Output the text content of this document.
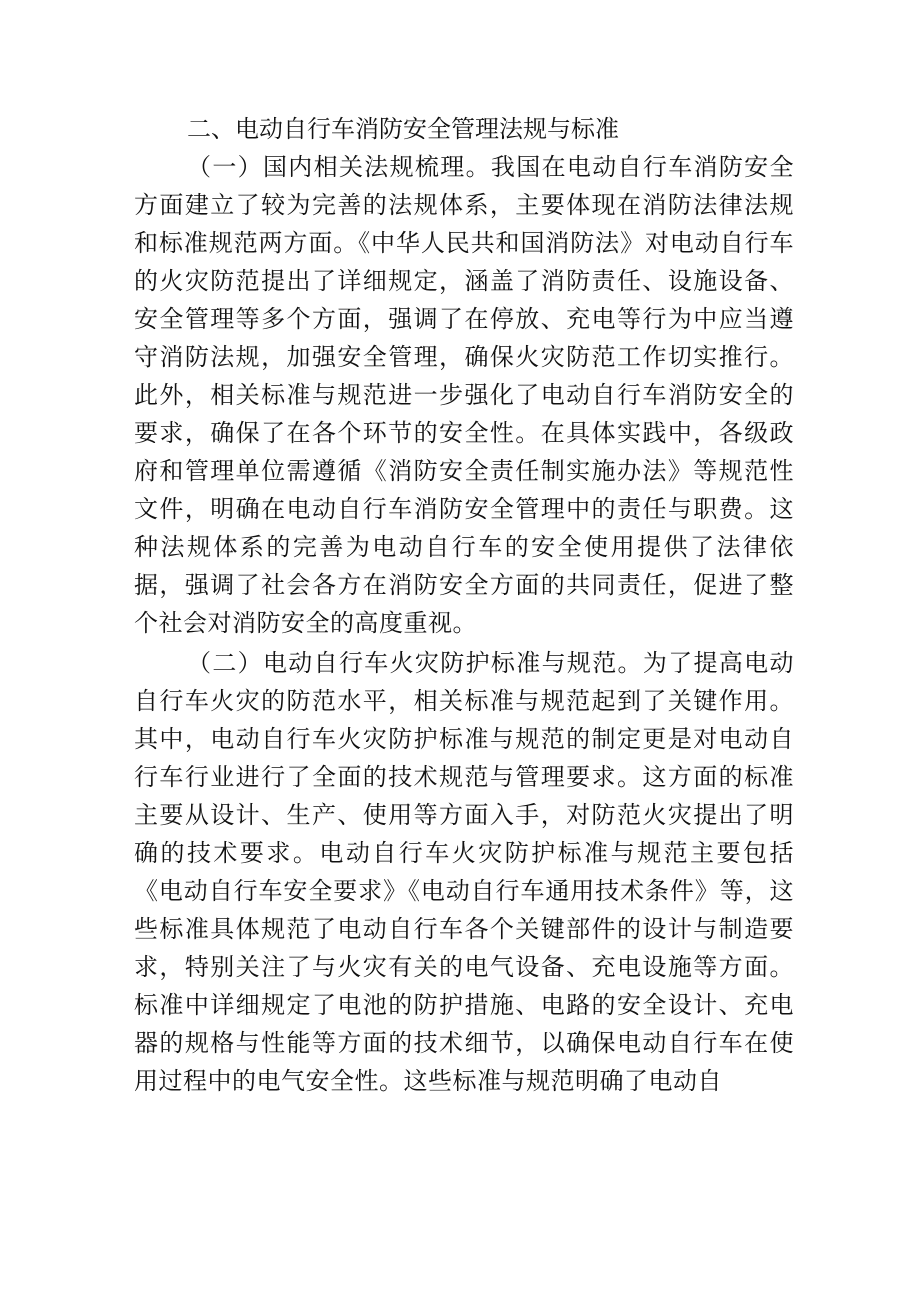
二、电动自行车消防安全管理法规与标准

（一）国内相关法规梳理。我国在电动自行车消防安全方面建立了较为完善的法规体系，主要体现在消防法律法规和标准规范两方面。《中华人民共和国消防法》对电动自行车的火灾防范提出了详细规定，涵盖了消防责任、设施设备、安全管理等多个方面，强调了在停放、充电等行为中应当遵守消防法规，加强安全管理，确保火灾防范工作切实推行。此外，相关标准与规范进一步强化了电动自行车消防安全的要求，确保了在各个环节的安全性。在具体实践中，各级政府和管理单位需遵循《消防安全责任制实施办法》等规范性文件，明确在电动自行车消防安全管理中的责任与职费。这种法规体系的完善为电动自行车的安全使用提供了法律依据，强调了社会各方在消防安全方面的共同责任，促进了整个社会对消防安全的高度重视。

（二）电动自行车火灾防护标准与规范。为了提高电动自行车火灾的防范水平，相关标准与规范起到了关键作用。其中，电动自行车火灾防护标准与规范的制定更是对电动自行车行业进行了全面的技术规范与管理要求。这方面的标准主要从设计、生产、使用等方面入手，对防范火灾提出了明确的技术要求。电动自行车火灾防护标准与规范主要包括《电动自行车安全要求》《电动自行车通用技术条件》等，这些标准具体规范了电动自行车各个关键部件的设计与制造要求，特别关注了与火灾有关的电气设备、充电设施等方面。标准中详细规定了电池的防护措施、电路的安全设计、充电器的规格与性能等方面的技术细节，以确保电动自行车在使用过程中的电气安全性。这些标准与规范明确了电动自
